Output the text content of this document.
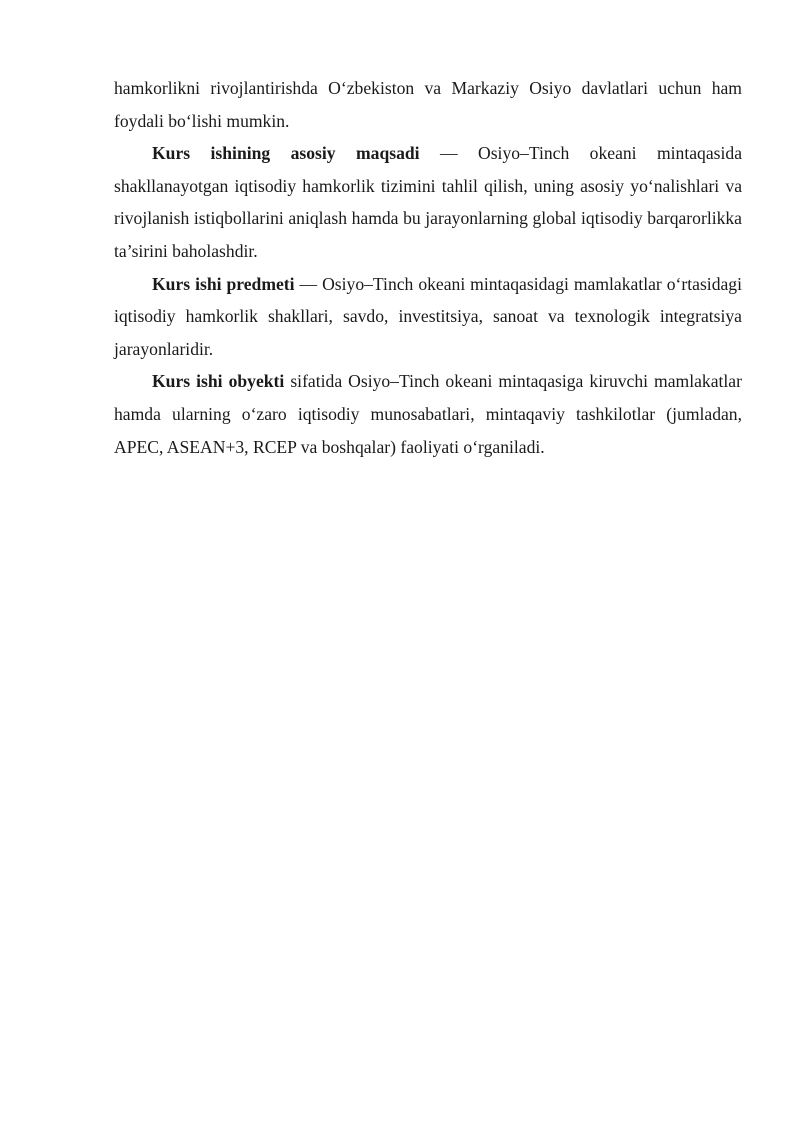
hamkorlikni rivojlantirishda O‘zbekiston va Markaziy Osiyo davlatlari uchun ham foydali bo‘lishi mumkin.

Kurs ishining asosiy maqsadi — Osiyo–Tinch okeani mintaqasida shakllanayotgan iqtisodiy hamkorlik tizimini tahlil qilish, uning asosiy yo‘nalishlari va rivojlanish istiqbollarini aniqlash hamda bu jarayonlarning global iqtisodiy barqarorlikka ta’sirini baholashdir.

Kurs ishi predmeti — Osiyo–Tinch okeani mintaqasidagi mamlakatlar o‘rtasidagi iqtisodiy hamkorlik shakllari, savdo, investitsiya, sanoat va texnologik integratsiya jarayonlaridir.

Kurs ishi obyekti sifatida Osiyo–Tinch okeani mintaqasiga kiruvchi mamlakatlar hamda ularning o‘zaro iqtisodiy munosabatlari, mintaqaviy tashkilotlar (jumladan, APEC, ASEAN+3, RCEP va boshqalar) faoliyati o‘rganiladi.
